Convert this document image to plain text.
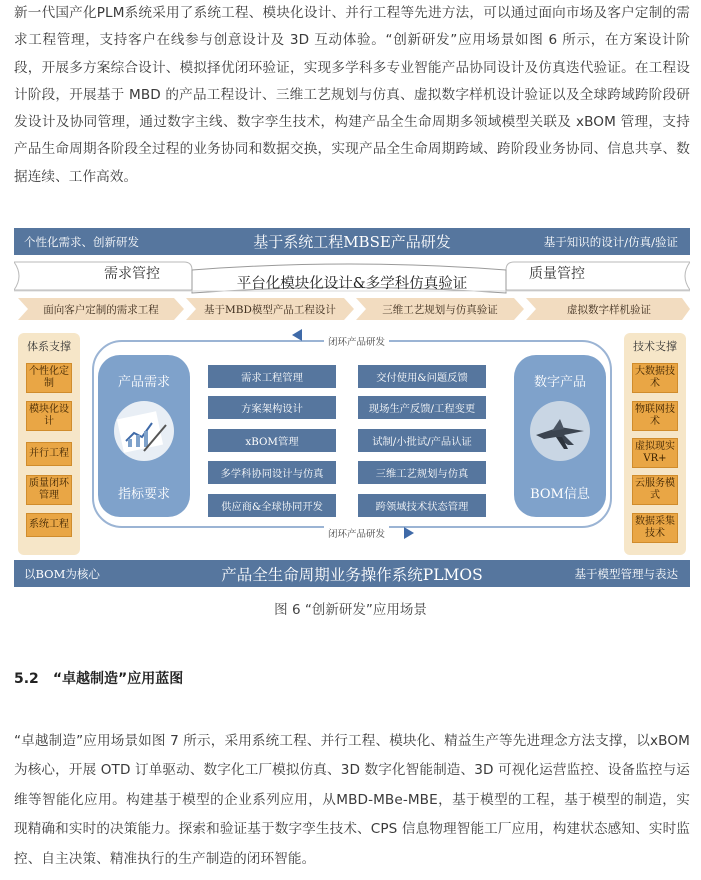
新一代国产化PLM系统采用了系统工程、模块化设计、并行工程等先进方法，可以通过面向市场及客户定制的需求工程管理，支持客户在线参与创意设计及 3D 互动体验。“创新研发”应用场景如图 6 所示，在方案设计阶段，开展多方案综合设计、模拟择优闭环验证，实现多学科多专业智能产品协同设计及仿真迭代验证。在工程设计阶段，开展基于 MBD 的产品工程设计、三维工艺规划与仿真、虚拟数字样机设计验证以及全球跨域跨阶段研发设计及协同管理，通过数字主线、数字孪生技术，构建产品全生命周期多领域模型关联及 xBOM 管理，支持产品生命周期各阶段全过程的业务协同和数据交换，实现产品全生命周期跨域、跨阶段业务协同、信息共享、数据连续、工作高效。

个性化需求、创新研发	基于系统工程MBSE产品研发	基于知识的设计/仿真/验证
需求管控
平台化模块化设计&多学科仿真验证
质量管控
面向客户定制的需求工程	基于MBD模型产品工程设计	三维工艺规划与仿真验证	虚拟数字样机验证
体系支撑
个性化定制
模块化设计
并行工程
质量闭环管理
系统工程
技术支撑
大数据技术
物联网技术
虚拟现实VR+
云服务模式
数据采集技术
闭环产品研发
闭环产品研发
产品需求
指标要求
数字产品
BOM信息
需求工程管理
方案架构设计
xBOM管理
多学科协同设计与仿真
供应商&全球协同开发
交付使用&问题反馈
现场生产反馈/工程变更
试制/小批试/产品认证
三维工艺规划与仿真
跨领域技术状态管理
以BOM为核心	产品全生命周期业务操作系统PLMOS	基于模型管理与表达

图 6 “创新研发”应用场景

5.2 “卓越制造”应用蓝图

“卓越制造”应用场景如图 7 所示，采用系统工程、并行工程、模块化、精益生产等先进理念方法支撑，以xBOM 为核心，开展 OTD 订单驱动、数字化工厂模拟仿真、3D 数字化智能制造、3D 可视化运营监控、设备监控与运维等智能化应用。构建基于模型的企业系列应用，从MBD-MBe-MBE，基于模型的工程，基于模型的制造，实现精确和实时的决策能力。探索和验证基于数字孪生技术、CPS 信息物理智能工厂应用，构建状态感知、实时监控、自主决策、精准执行的生产制造的闭环智能。
